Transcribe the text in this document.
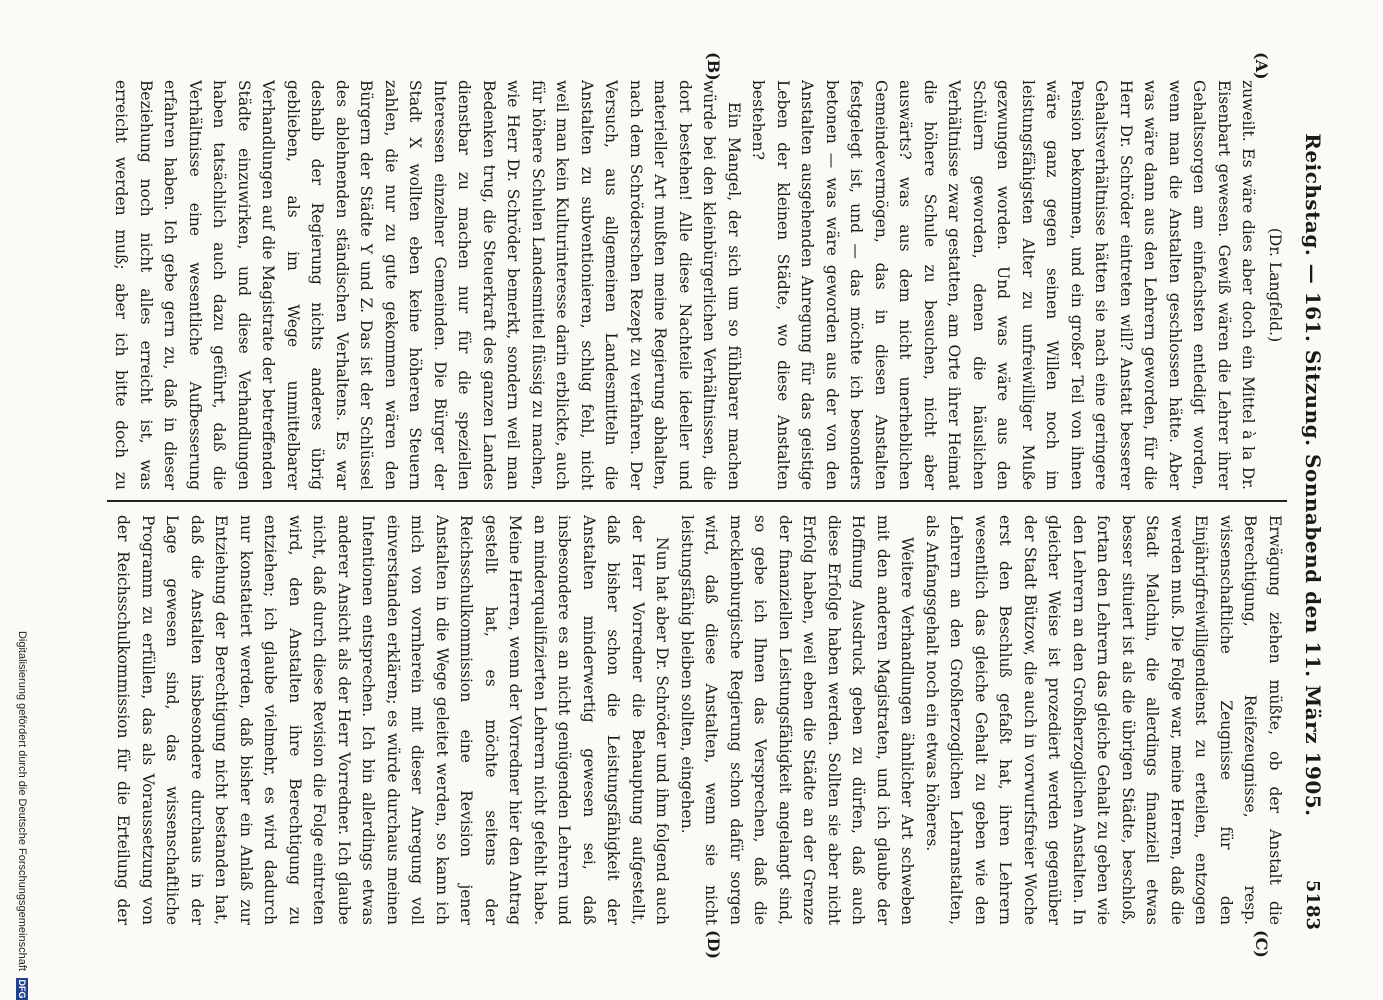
Reichstag. — 161. Sitzung. Sonnabend den 11. März 1905.
5183
(A)
(B)
(C)
(D)
(Dr. Langfeld.)

zuweilt. Es wäre dies aber doch ein Mittel à la Dr. Eisenbart gewesen. Gewiß wären die Lehrer ihrer Gehaltssorgen am einfachsten entledigt worden, wenn man die Anstalten geschlossen hätte. Aber was wäre dann aus den Lehrern geworden, für die Herr Dr. Schröder eintreten will? Anstatt besserer Gehaltsverhältnisse hätten sie nach eine geringere Pension bekommen, und ein großer Teil von ihnen wäre ganz gegen seinen Willen noch im leistungsfähigsten Alter zu unfreiwilliger Muße gezwungen worden. Und was wäre aus den Schülern geworden, denen die häuslichen Verhältnisse zwar gestatten, am Orte ihrer Heimat die höhere Schule zu besuchen, nicht aber auswärts? was aus dem nicht unerheblichen Gemeindevermögen, das in diesen Anstalten festgelegt ist, und — das möchte ich besonders betonen — was wäre geworden aus der von den Anstalten ausgehenden Anregung für das geistige Leben der kleinen Städte, wo diese Anstalten bestehen?

Ein Mangel, der sich um so fühlbarer machen würde bei den kleinbürgerlichen Verhältnissen, die dort bestehen! Alle diese Nachteile ideeller und materieller Art mußten meine Regierung abhalten, nach dem Schröderschen Rezept zu verfahren. Der Versuch, aus allgemeinen Landesmitteln die Anstalten zu subventionieren, schlug fehl, nicht weil man kein Kulturinteresse darin erblickte, auch für höhere Schulen Landesmittel flüssig zu machen, wie Herr Dr. Schröder bemerkt, sondern weil man Bedenken trug, die Steuerkraft des ganzen Landes dienstbar zu machen nur für die speziellen Interessen einzelner Gemeinden. Die Bürger der Stadt X wollten eben keine höheren Steuern zahlen, die nur zu gute gekommen wären den Bürgern der Städte Y und Z. Das ist der Schlüssel des ablehnenden ständischen Verhaltens. Es war deshalb der Regierung nichts anderes übrig geblieben, als im Wege unmittelbarer Verhandlungen auf die Magistrate der betreffenden Städte einzuwirken, und diese Verhandlungen haben tatsächlich auch dazu geführt, daß die Verhältnisse eine wesentliche Aufbesserung erfahren haben. Ich gebe gern zu, daß in dieser Beziehung noch nicht alles erreicht ist, was erreicht werden muß; aber ich bitte doch zu

Erwägung ziehen müßte, ob der Anstalt die Berechtigung, Reifezeugnisse, resp. wissenschaftliche Zeugnisse für den Einjährigfreiwilligendienst zu erteilen, entzogen werden muß. Die Folge war, meine Herren, daß die Stadt Malchin, die allerdings finanziell etwas besser situiert ist als die übrigen Städte, beschloß, fortan den Lehrern das gleiche Gehalt zu geben wie den Lehrern an den Großherzoglichen Anstalten. In gleicher Weise ist prozediert werden gegenüber der Stadt Bützow, die auch in vorwurfsfreier Woche erst den Beschluß gefaßt hat, ihren Lehrern wesentlich das gleiche Gehalt zu geben wie den Lehrern an den Großherzoglichen Lehranstalten, als Anfangsgehalt noch ein etwas höheres.

Weitere Verhandlungen ähnlicher Art schweben mit den anderen Magistraten, und ich glaube der Hoffnung Ausdruck geben zu dürfen, daß auch diese Erfolge haben werden. Sollten sie aber nicht Erfolg haben, weil eben die Städte an der Grenze der finanziellen Leistungsfähigkeit angelangt sind, so gebe ich Ihnen das Versprechen, daß die mecklenburgische Regierung schon dafür sorgen wird, daß diese Anstalten, wenn sie nicht leistungsfähig bleiben sollten, eingehen.

Nun hat aber Dr. Schröder und ihm folgend auch der Herr Vorredner die Behauptung aufgestellt, daß bisher schon die Leistungsfähigkeit der Anstalten minderwertig gewesen sei, daß insbesondere es an nicht genügenden Lehrern und an minderqualifizierten Lehrern nicht gefehlt habe. Meine Herren, wenn der Vorredner hier den Antrag gestellt hat, es möchte seitens der Reichsschulkommission eine Revision jener Anstalten in die Wege geleitet werden, so kann ich mich von vornherein mit dieser Anregung voll einverstanden erklären; es würde durchaus meinen Intentionen entsprechen. Ich bin allerdings etwas anderer Ansicht als der Herr Vorredner. Ich glaube nicht, daß durch diese Revision die Folge eintreten wird, den Anstalten ihre Berechtigung zu entziehen; ich glaube vielmehr, es wird dadurch nur konstatiert werden, daß bisher ein Anlaß zur Entziehung der Berechtigung nicht bestanden hat, daß die Anstalten insbesondere durchaus in der Lage gewesen sind, das wissenschaftliche Programm zu erfüllen, das als Voraussetzung von der Reichsschulkommission für die Erteilung der

Digitalisierung gefördert durch die Deutsche Forschungsgemeinschaft DFG
